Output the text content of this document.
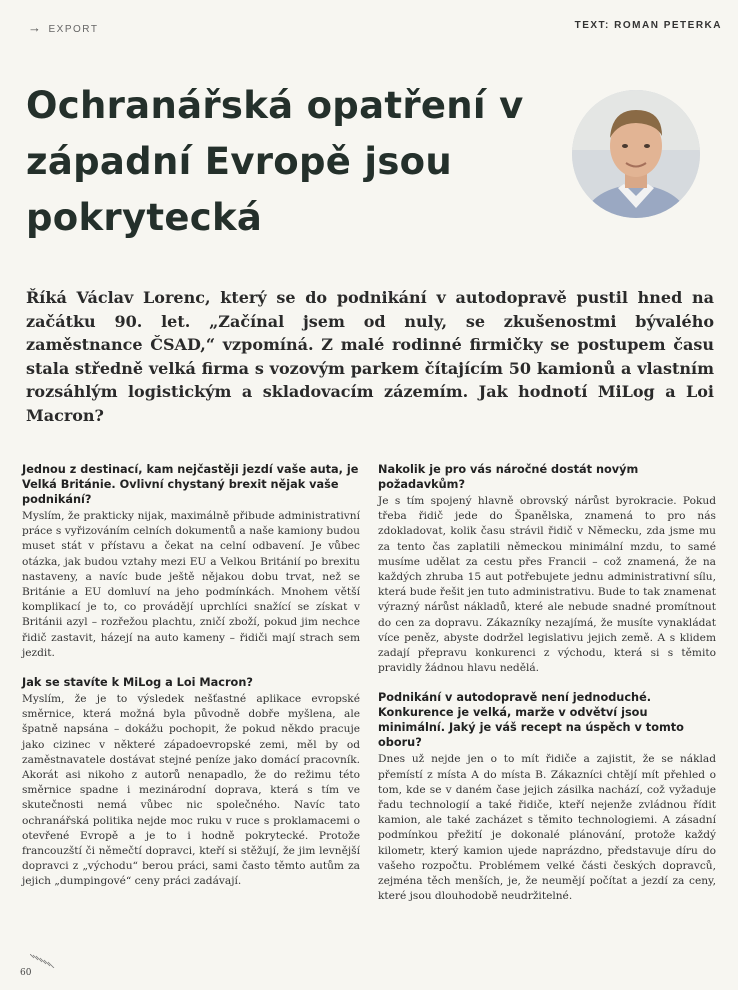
→ EXPORT	TEXT: ROMAN PETERKA
Ochranářská opatření v západní Evropě jsou pokrytecká

Říká Václav Lorenc, který se do podnikání v autodopravě pustil hned na začátku 90. let. „Začínal jsem od nuly, se zkušenostmi bývalého zaměstnance ČSAD,“ vzpomíná. Z malé rodinné firmičky se postupem času stala středně velká firma s vozovým parkem čítajícím 50 kamionů a vlastním rozsáhlým logistickým a skladovacím zázemím. Jak hodnotí MiLog a Loi Macron?

Jednou z destinací, kam nejčastěji jezdí vaše auta, je Velká Británie. Ovlivní chystaný brexit nějak vaše podnikání?

Myslím, že prakticky nijak, maximálně přibude administrativní práce s vyřizováním celních dokumentů a naše kamiony budou muset stát v přístavu a čekat na celní odbavení. Je vůbec otázka, jak budou vztahy mezi EU a Velkou Británií po brexitu nastaveny, a navíc bude ještě nějakou dobu trvat, než se Británie a EU domluví na jeho podmínkách. Mnohem větší komplikací je to, co provádějí uprchlíci snažící se získat v Británii azyl – rozřežou plachtu, zničí zboží, pokud jim nechce řidič zastavit, házejí na auto kameny – řidiči mají strach sem jezdit.

Jak se stavíte k MiLog a Loi Macron?

Myslím, že je to výsledek nešťastné aplikace evropské směrnice, která možná byla původně dobře myšlena, ale špatně napsána – dokážu pochopit, že pokud někdo pracuje jako cizinec v některé západoevropské zemi, měl by od zaměstnavatele dostávat stejné peníze jako domácí pracovník. Akorát asi nikoho z autorů nenapadlo, že do režimu této směrnice spadne i mezinárodní doprava, která s tím ve skutečnosti nemá vůbec nic společného. Navíc tato ochranářská politika nejde moc ruku v ruce s proklamacemi o otevřené Evropě a je to i hodně pokrytecké. Protože francouzští či němečtí dopravci, kteří si stěžují, že jim levnější dopravci z „východu“ berou práci, sami často těmto autům za jejich „dumpingové“ ceny práci zadávají.

Nakolik je pro vás náročné dostát novým požadavkům?

Je s tím spojený hlavně obrovský nárůst byrokracie. Pokud třeba řidič jede do Španělska, znamená to pro nás zdokladovat, kolik času strávil řidič v Německu, zda jsme mu za tento čas zaplatili německou minimální mzdu, to samé musíme udělat za cestu přes Francii – což znamená, že na každých zhruba 15 aut potřebujete jednu administrativní sílu, která bude řešit jen tuto administrativu. Bude to tak znamenat výrazný nárůst nákladů, které ale nebude snadné promítnout do cen za dopravu. Zákazníky nezajímá, že musíte vynakládat více peněz, abyste dodržel legislativu jejich země. A s klidem zadají přepravu konkurenci z východu, která si s těmito pravidly žádnou hlavu nedělá.

Podnikání v autodopravě není jednoduché. Konkurence je velká, marže v odvětví jsou minimální. Jaký je váš recept na úspěch v tomto oboru?

Dnes už nejde jen o to mít řidiče a zajistit, že se náklad přemístí z místa A do místa B. Zákazníci chtějí mít přehled o tom, kde se v daném čase jejich zásilka nachází, což vyžaduje řadu technologií a také řidiče, kteří nejenže zvládnou řídit kamion, ale také zacházet s těmito technologiemi. A zásadní podmínkou přežití je dokonalé plánování, protože každý kilometr, který kamion ujede naprázdno, představuje díru do vašeho rozpočtu. Problémem velké části českých dopravců, zejména těch menších, je, že neumějí počítat a jezdí za ceny, které jsou dlouhodobě neudržitelné.

60
